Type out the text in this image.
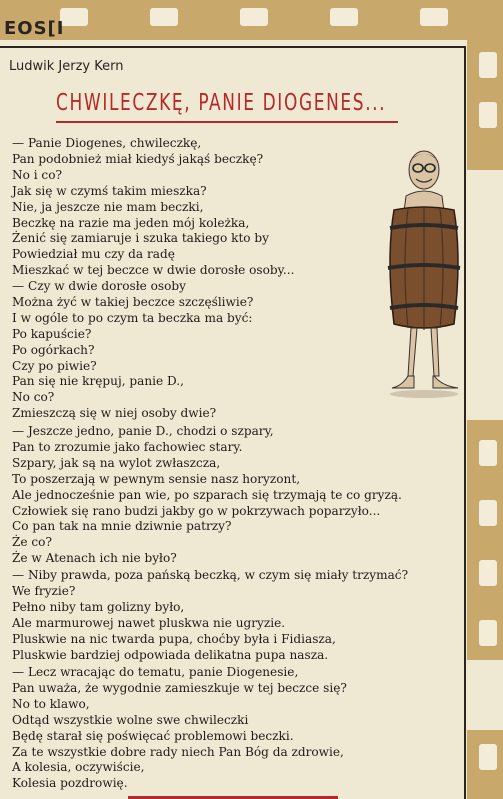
EOS[I
Ludwik Jerzy Kern
CHWILECZKĘ, PANIE DIOGENES...

— Panie Diogenes, chwileczkę,
Pan podobnież miał kiedyś jakąś beczkę?
No i co?
Jak się w czymś takim mieszka?
Nie, ja jeszcze nie mam beczki,
Beczkę na razie ma jeden mój koleżka,
Żenić się zamiaruje i szuka takiego kto by
Powiedział mu czy da radę
Mieszkać w tej beczce w dwie dorosłe osoby...

— Czy w dwie dorosłe osoby
Można żyć w takiej beczce szczęśliwie?
I w ogóle to po czym ta beczka ma być:
Po kapuście?
Po ogórkach?
Czy po piwie?
Pan się nie krępuj, panie D.,
No co?
Zmieszczą się w niej osoby dwie?

— Jeszcze jedno, panie D., chodzi o szpary,
Pan to zrozumie jako fachowiec stary.
Szpary, jak są na wylot zwłaszcza,
To poszerzają w pewnym sensie nasz horyzont,
Ale jednocześnie pan wie, po szparach się trzymają te co gryzą.
Człowiek się rano budzi jakby go w pokrzywach poparzyło...
Co pan tak na mnie dziwnie patrzy?
Że co?
Że w Atenach ich nie było?

— Niby prawda, poza pańską beczką, w czym się miały trzymać?
We fryzie?
Pełno niby tam golizny było,
Ale marmurowej nawet pluskwa nie ugryzie.
Pluskwie na nic twarda pupa, choćby była i Fidiasza,
Pluskwie bardziej odpowiada delikatna pupa nasza.

— Lecz wracając do tematu, panie Diogenesie,
Pan uważa, że wygodnie zamieszkuje w tej beczce się?
No to klawo,
Odtąd wszystkie wolne swe chwileczki
Będę starał się poświęcać problemowi beczki.
Za te wszystkie dobre rady niech Pan Bóg da zdrowie,
A kolesia, oczywiście,
Kolesia pozdrowię.
